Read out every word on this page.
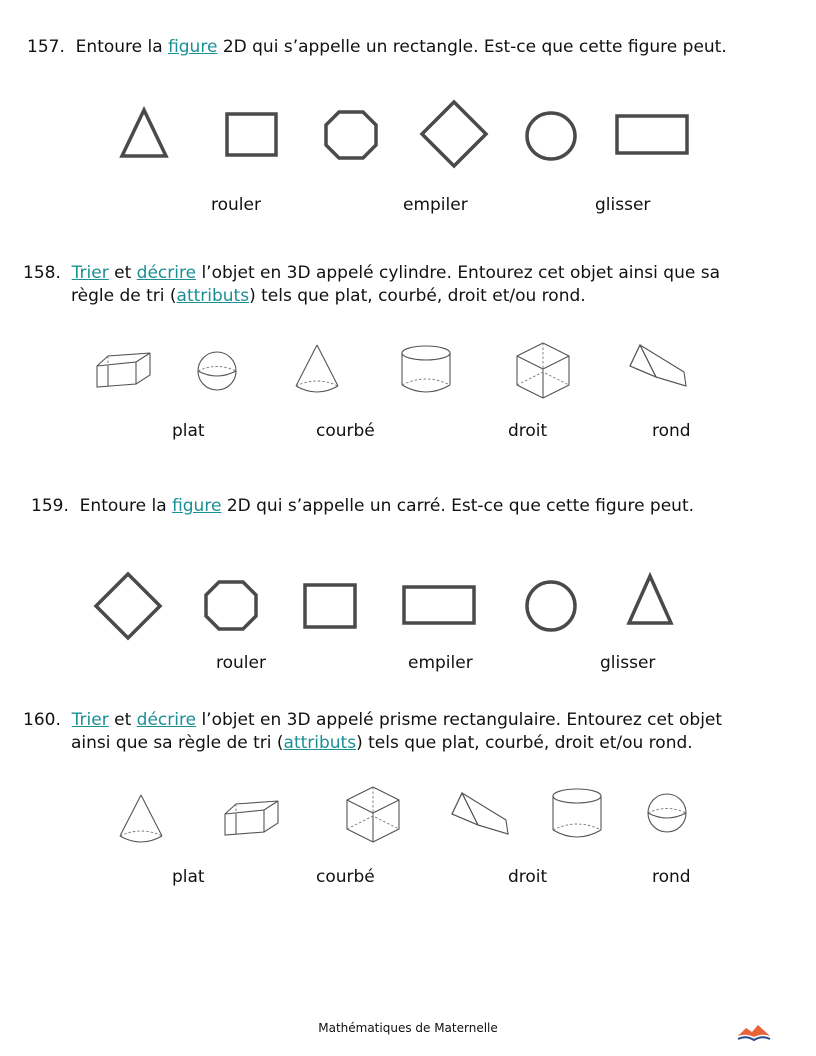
157. Entoure la figure 2D qui s’appelle un rectangle. Est-ce que cette figure peut.
rouler	empiler	glisser
158. Trier et décrire l’objet en 3D appelé cylindre. Entourez cet objet ainsi que sa
règle de tri (attributs) tels que plat, courbé, droit et/ou rond.
plat	courbé	droit	rond
159. Entoure la figure 2D qui s’appelle un carré. Est-ce que cette figure peut.
rouler	empiler	glisser
160. Trier et décrire l’objet en 3D appelé prisme rectangulaire. Entourez cet objet
ainsi que sa règle de tri (attributs) tels que plat, courbé, droit et/ou rond.
plat	courbé	droit	rond
Mathématiques de Maternelle
